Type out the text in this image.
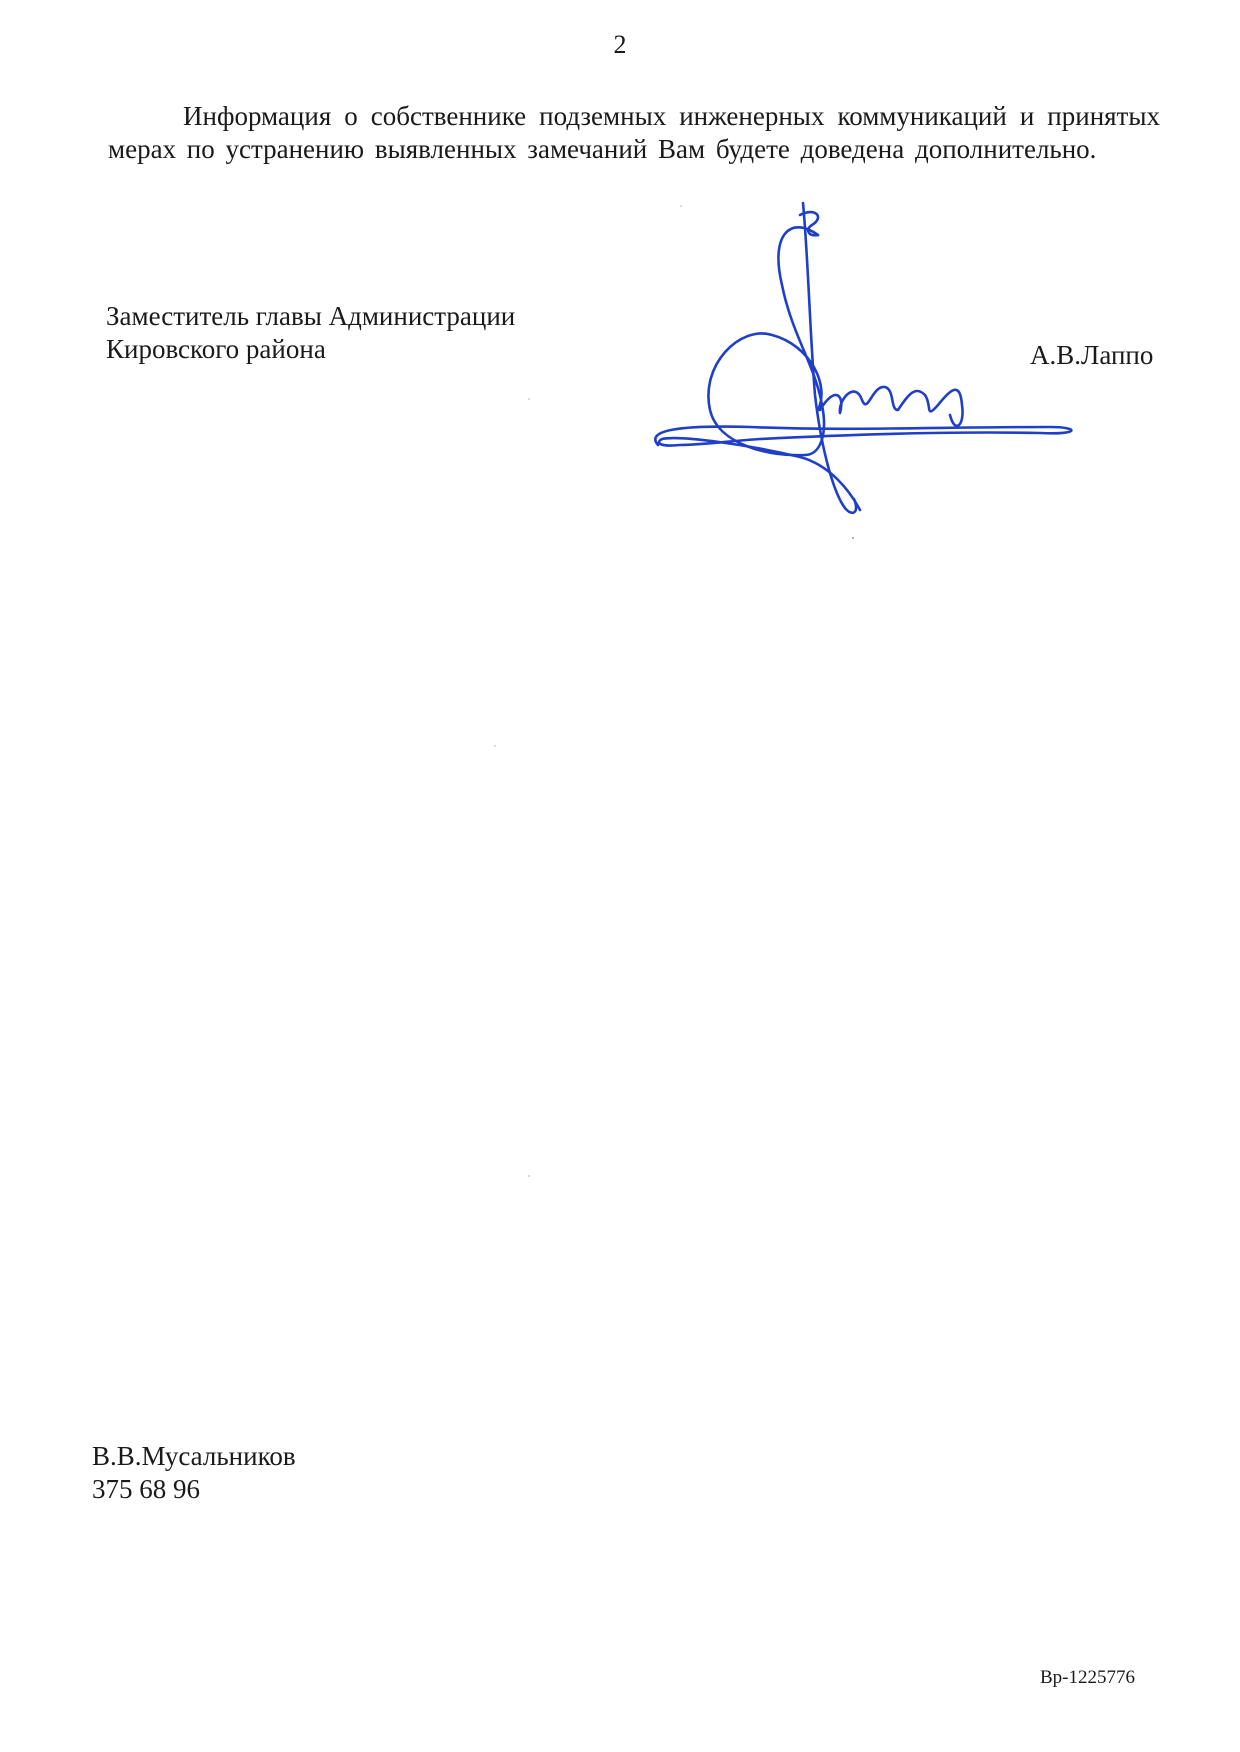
2

Информация о собственнике подземных инженерных коммуникаций и принятых мерах по устранению выявленных замечаний Вам будете доведена дополнительно.

Заместитель главы Администрации
Кировского района	А.В.Лаппо
В.В.Мусальников
375 68 96
Вр-1225776
